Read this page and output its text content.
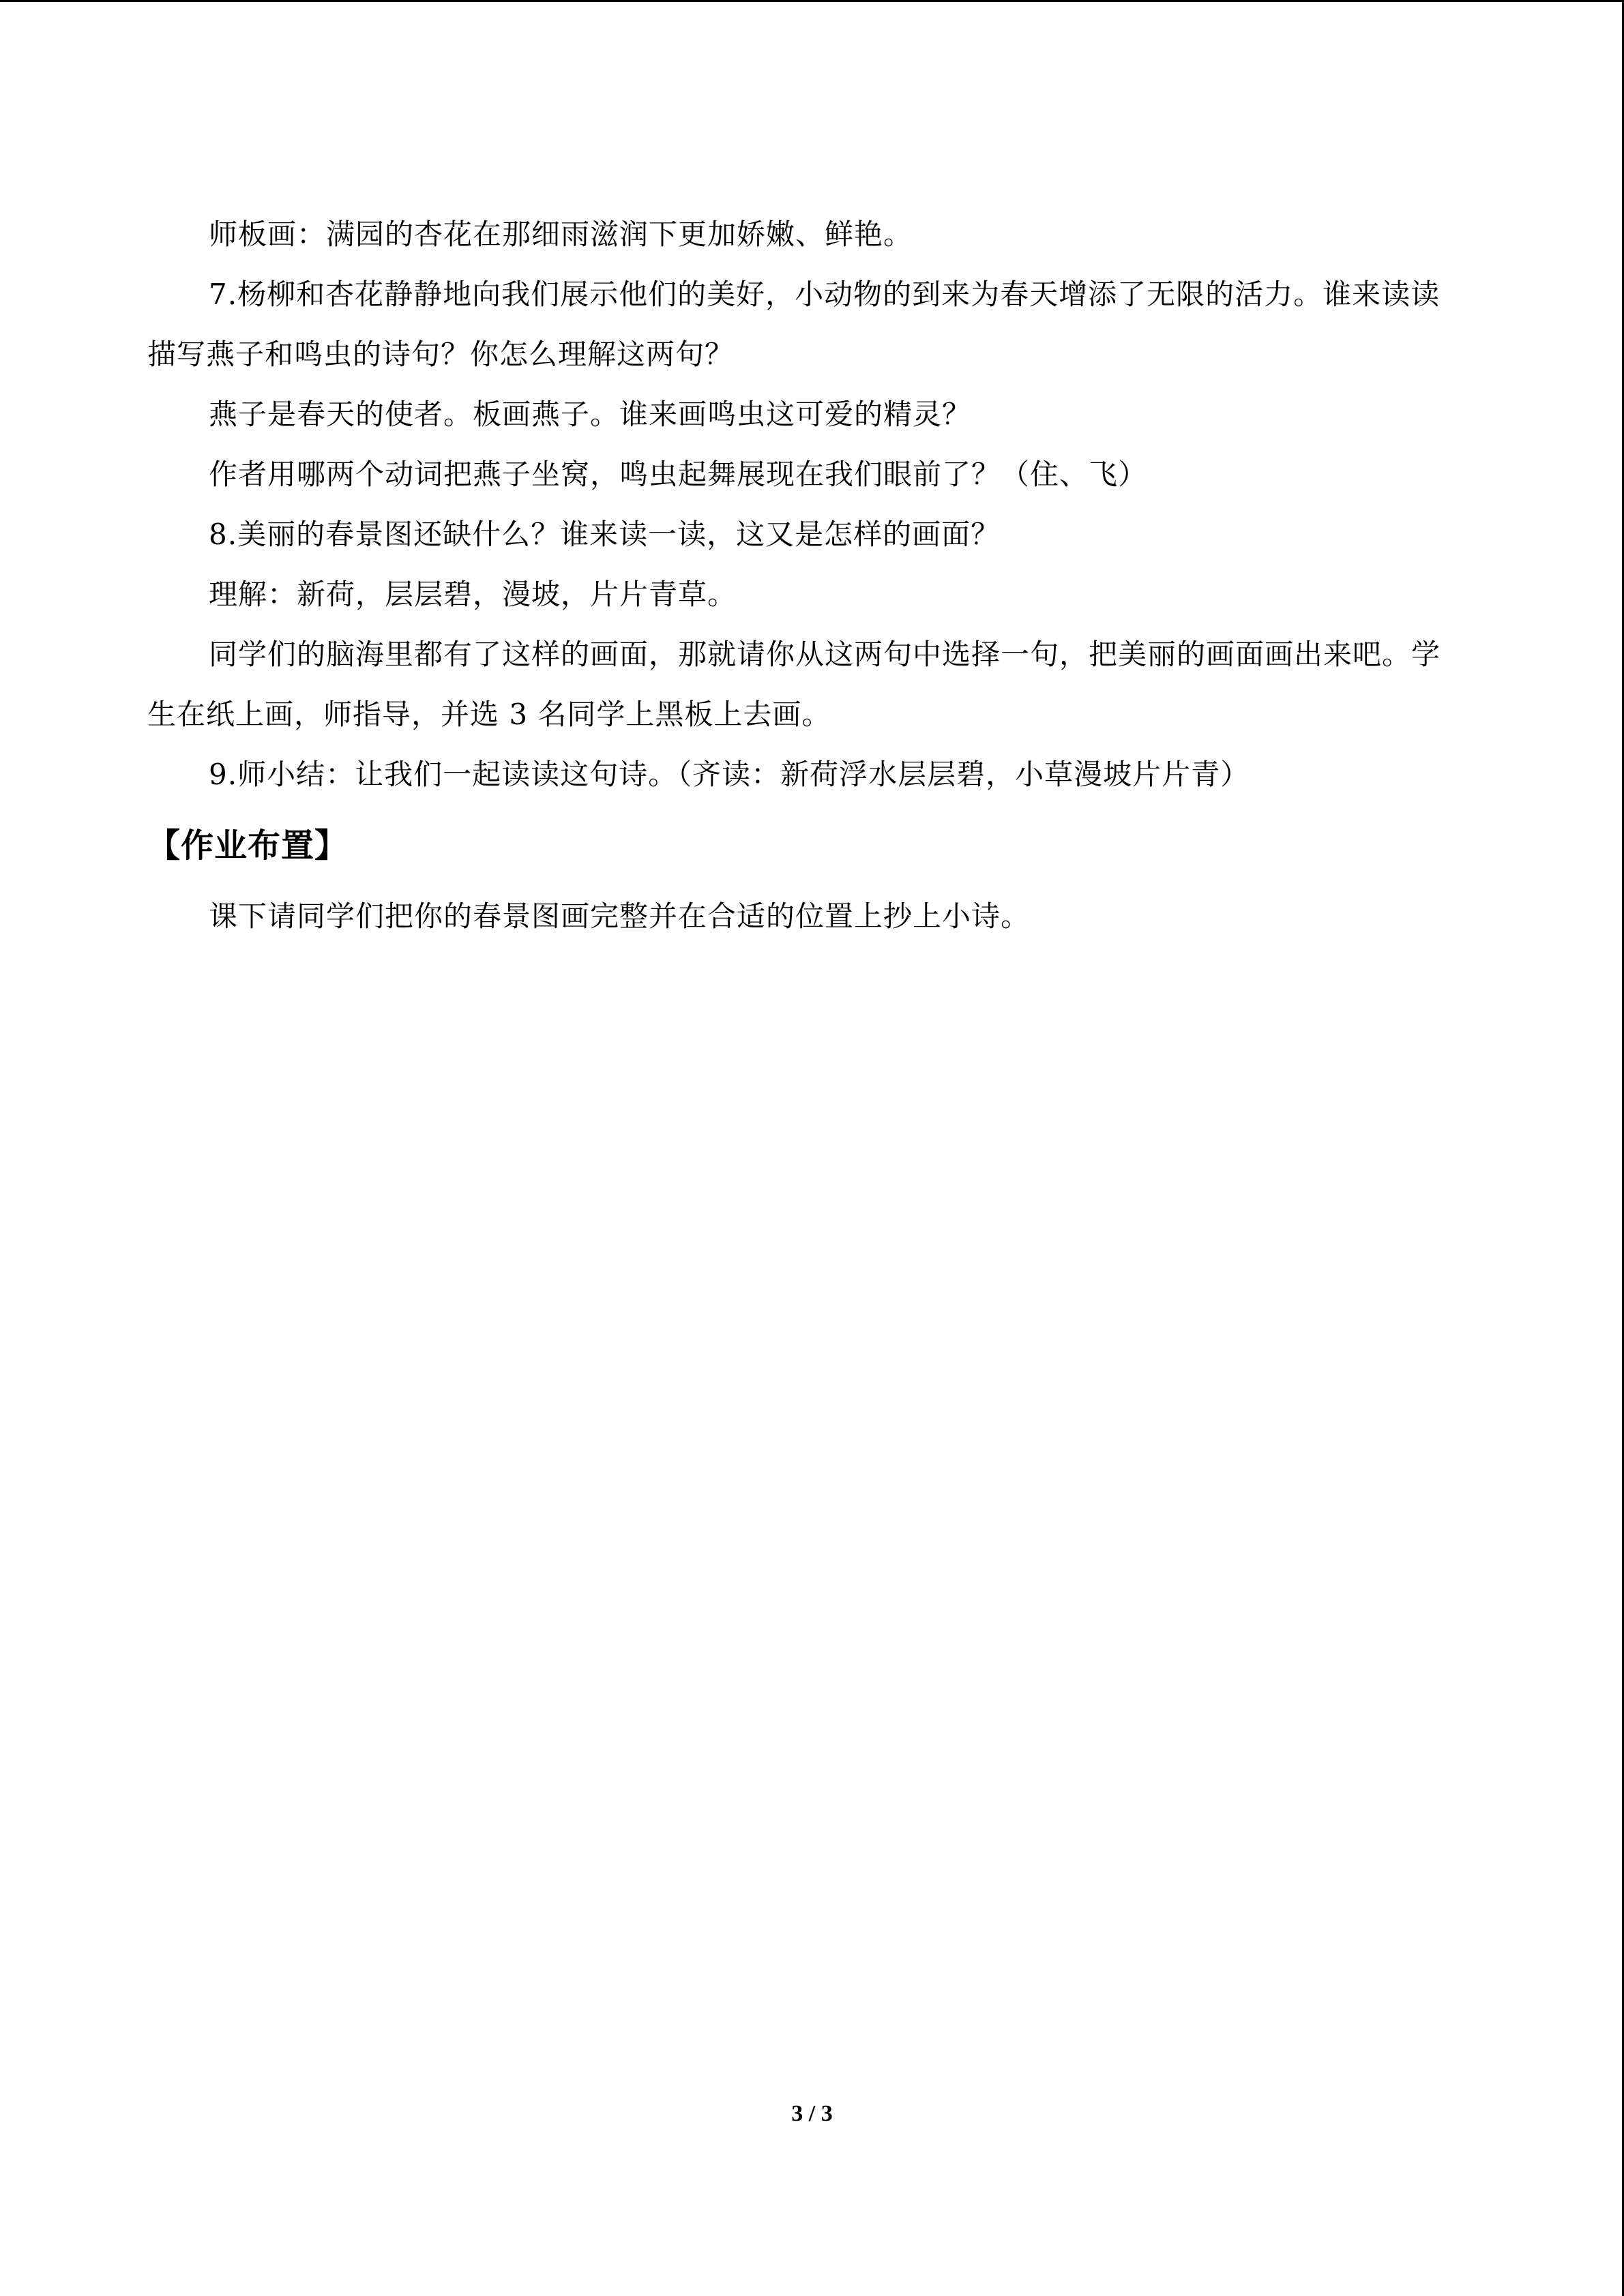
师板画：满园的杏花在那细雨滋润下更加娇嫩、鲜艳。

7.杨柳和杏花静静地向我们展示他们的美好，小动物的到来为春天增添了无限的活力。谁来读读描写燕子和鸣虫的诗句？你怎么理解这两句？

燕子是春天的使者。板画燕子。谁来画鸣虫这可爱的精灵？

作者用哪两个动词把燕子坐窝，鸣虫起舞展现在我们眼前了？（住、飞）

8.美丽的春景图还缺什么？谁来读一读，这又是怎样的画面？

理解：新荷，层层碧，漫坡，片片青草。

同学们的脑海里都有了这样的画面，那就请你从这两句中选择一句，把美丽的画面画出来吧。学生在纸上画，师指导，并选 3 名同学上黑板上去画。

9.师小结：让我们一起读读这句诗。（齐读：新荷浮水层层碧，小草漫坡片片青）

【作业布置】

课下请同学们把你的春景图画完整并在合适的位置上抄上小诗。

3 / 3
